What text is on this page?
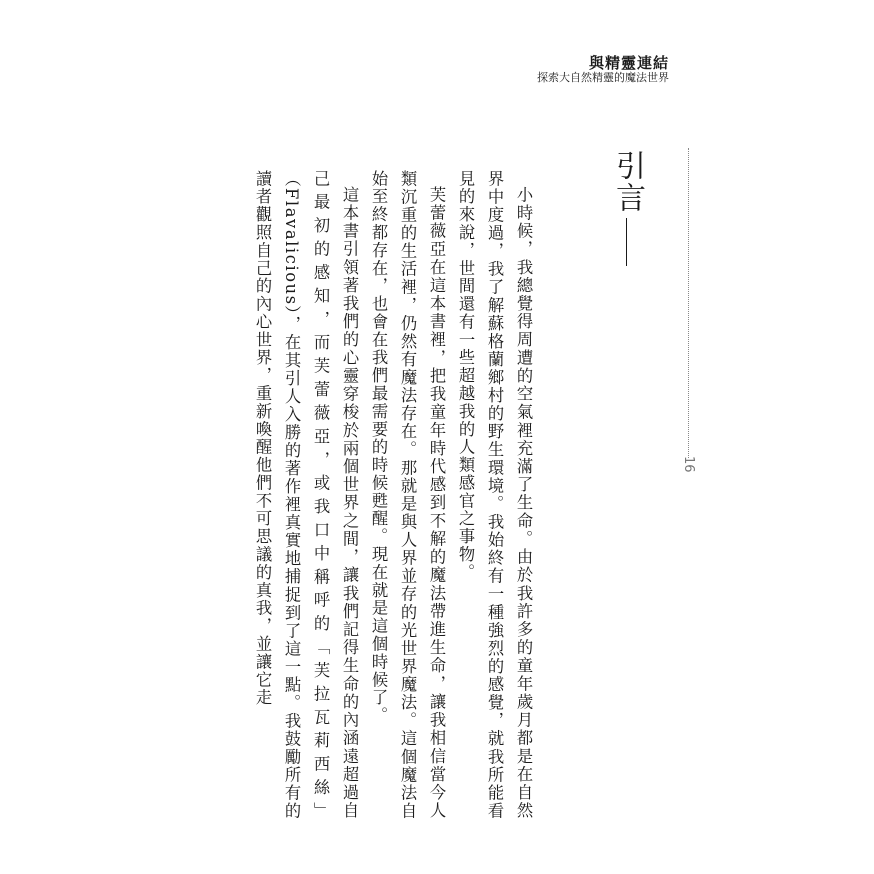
與精靈連結
探索大自然精靈的魔法世界
16
引言

小時候，我總覺得周遭的空氣裡充滿了生命。由於我許多的童年歲月都是在自然界中度過，我了解蘇格蘭鄉村的野生環境。我始終有一種強烈的感覺，就我所能看見的來說，世間還有一些超越我的人類感官之事物。

芙蕾薇亞在這本書裡，把我童年時代感到不解的魔法帶進生命，讓我相信當今人類沉重的生活裡，仍然有魔法存在。那就是與人界並存的光世界魔法。這個魔法自始至終都存在，也會在我們最需要的時候甦醒。現在就是這個時候了。

這本書引領著我們的心靈穿梭於兩個世界之間，讓我們記得生命的內涵遠超過自己最初的感知，而芙蕾薇亞，或我口中稱呼的「芙拉瓦莉西絲」（Flavalicious），在其引人入勝的著作裡真實地捕捉到了這一點。我鼓勵所有的讀者觀照自己的內心世界，重新喚醒他們不可思議的真我，並讓它走
